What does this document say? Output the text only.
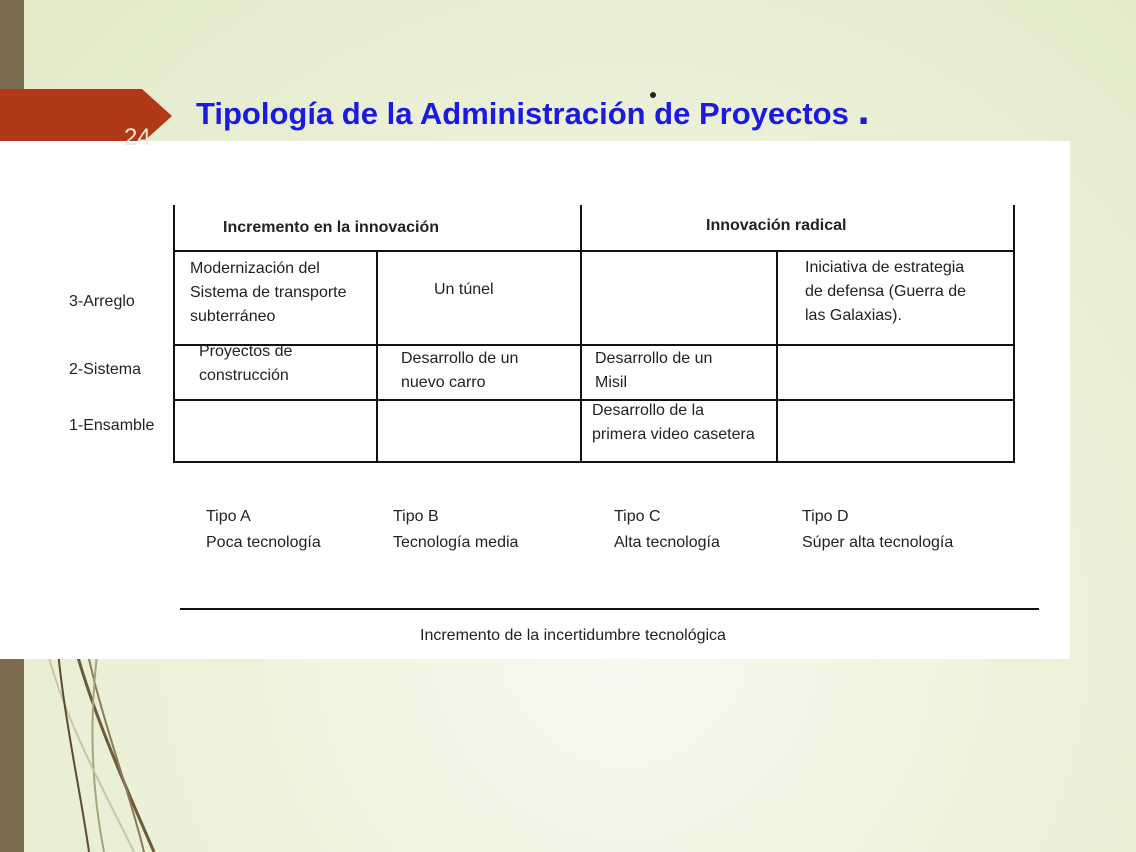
24
Tipología de la Administración de Proyectos .
Incremento en la innovación	Innovación radical
3-Arreglo
2-Sistema
1-Ensamble
Modernización del
Sistema de transporte
subterráneo
Un túnel
Iniciativa de estrategia
de defensa (Guerra de
las Galaxias).
Proyectos de
construcción
Desarrollo de un
nuevo carro
Desarrollo de un
Misil
Desarrollo de la
primera video casetera
Tipo A
Poca tecnología
Tipo B
Tecnología media
Tipo C
Alta tecnología
Tipo D
Súper alta tecnología
Incremento de la incertidumbre tecnológica
